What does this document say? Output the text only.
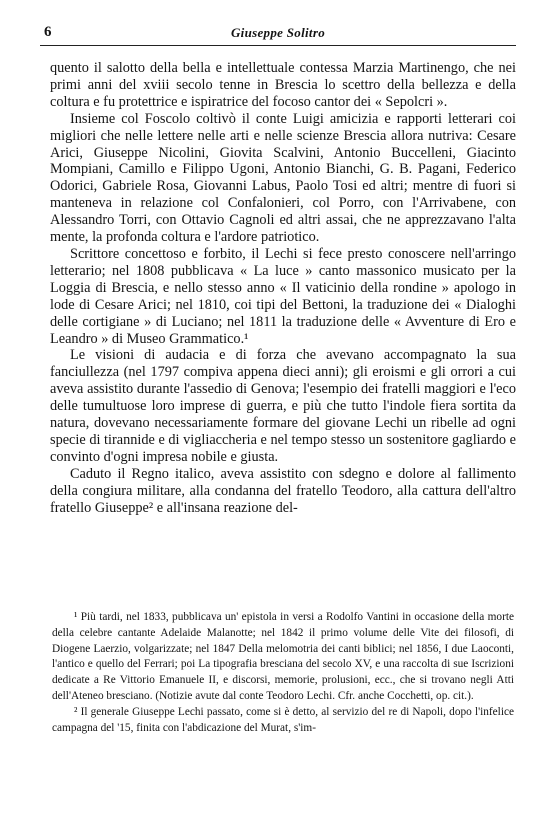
6	Giuseppe Solitro

quento il salotto della bella e intellettuale contessa Marzia Martinengo, che nei primi anni del xviii secolo tenne in Brescia lo scettro della bellezza e della coltura e fu protettrice e ispiratrice del focoso cantor dei « Sepolcri ».

Insieme col Foscolo coltivò il conte Luigi amicizia e rapporti letterari coi migliori che nelle lettere nelle arti e nelle scienze Brescia allora nutriva: Cesare Arici, Giuseppe Nicolini, Giovita Scalvini, Antonio Buccelleni, Giacinto Mompiani, Camillo e Filippo Ugoni, Antonio Bianchi, G. B. Pagani, Federico Odorici, Gabriele Rosa, Giovanni Labus, Paolo Tosi ed altri; mentre di fuori si manteneva in relazione col Confalonieri, col Porro, con l'Arrivabene, con Alessandro Torri, con Ottavio Cagnoli ed altri assai, che ne apprezzavano l'alta mente, la profonda coltura e l'ardore patriotico.

Scrittore concettoso e forbito, il Lechi si fece presto conoscere nell'arringo letterario; nel 1808 pubblicava « La luce » canto massonico musicato per la Loggia di Brescia, e nello stesso anno « Il vaticinio della rondine » apologo in lode di Cesare Arici; nel 1810, coi tipi del Bettoni, la traduzione dei « Dialoghi delle cortigiane » di Luciano; nel 1811 la traduzione delle « Avventure di Ero e Leandro » di Museo Grammatico.¹

Le visioni di audacia e di forza che avevano accompagnato la sua fanciullezza (nel 1797 compiva appena dieci anni); gli eroismi e gli orrori a cui aveva assistito durante l'assedio di Genova; l'esempio dei fratelli maggiori e l'eco delle tumultuose loro imprese di guerra, e più che tutto l'indole fiera sortita da natura, dovevano necessariamente formare del giovane Lechi un ribelle ad ogni specie di tirannide e di vigliaccheria e nel tempo stesso un sostenitore gagliardo e convinto d'ogni impresa nobile e giusta.

Caduto il Regno italico, aveva assistito con sdegno e dolore al fallimento della congiura militare, alla condanna del fratello Teodoro, alla cattura dell'altro fratello Giuseppe² e all'insana reazione del-

¹ Più tardi, nel 1833, pubblicava un' epistola in versi a Rodolfo Vantini in occasione della morte della celebre cantante Adelaide Malanotte; nel 1842 il primo volume delle Vite dei filosofi, di Diogene Laerzio, volgarizzate; nel 1847 Della melomotria dei canti biblici; nel 1856, I due Laoconti, l'antico e quello del Ferrari; poi La tipografia bresciana del secolo XV, e una raccolta di sue Iscrizioni dedicate a Re Vittorio Emanuele II, e discorsi, memorie, prolusioni, ecc., che si trovano negli Atti dell'Ateneo bresciano. (Notizie avute dal conte Teodoro Lechi. Cfr. anche Cocchetti, op. cit.).

² Il generale Giuseppe Lechi passato, come si è detto, al servizio del re di Napoli, dopo l'infelice campagna del '15, finita con l'abdicazione del Murat, s'im-
